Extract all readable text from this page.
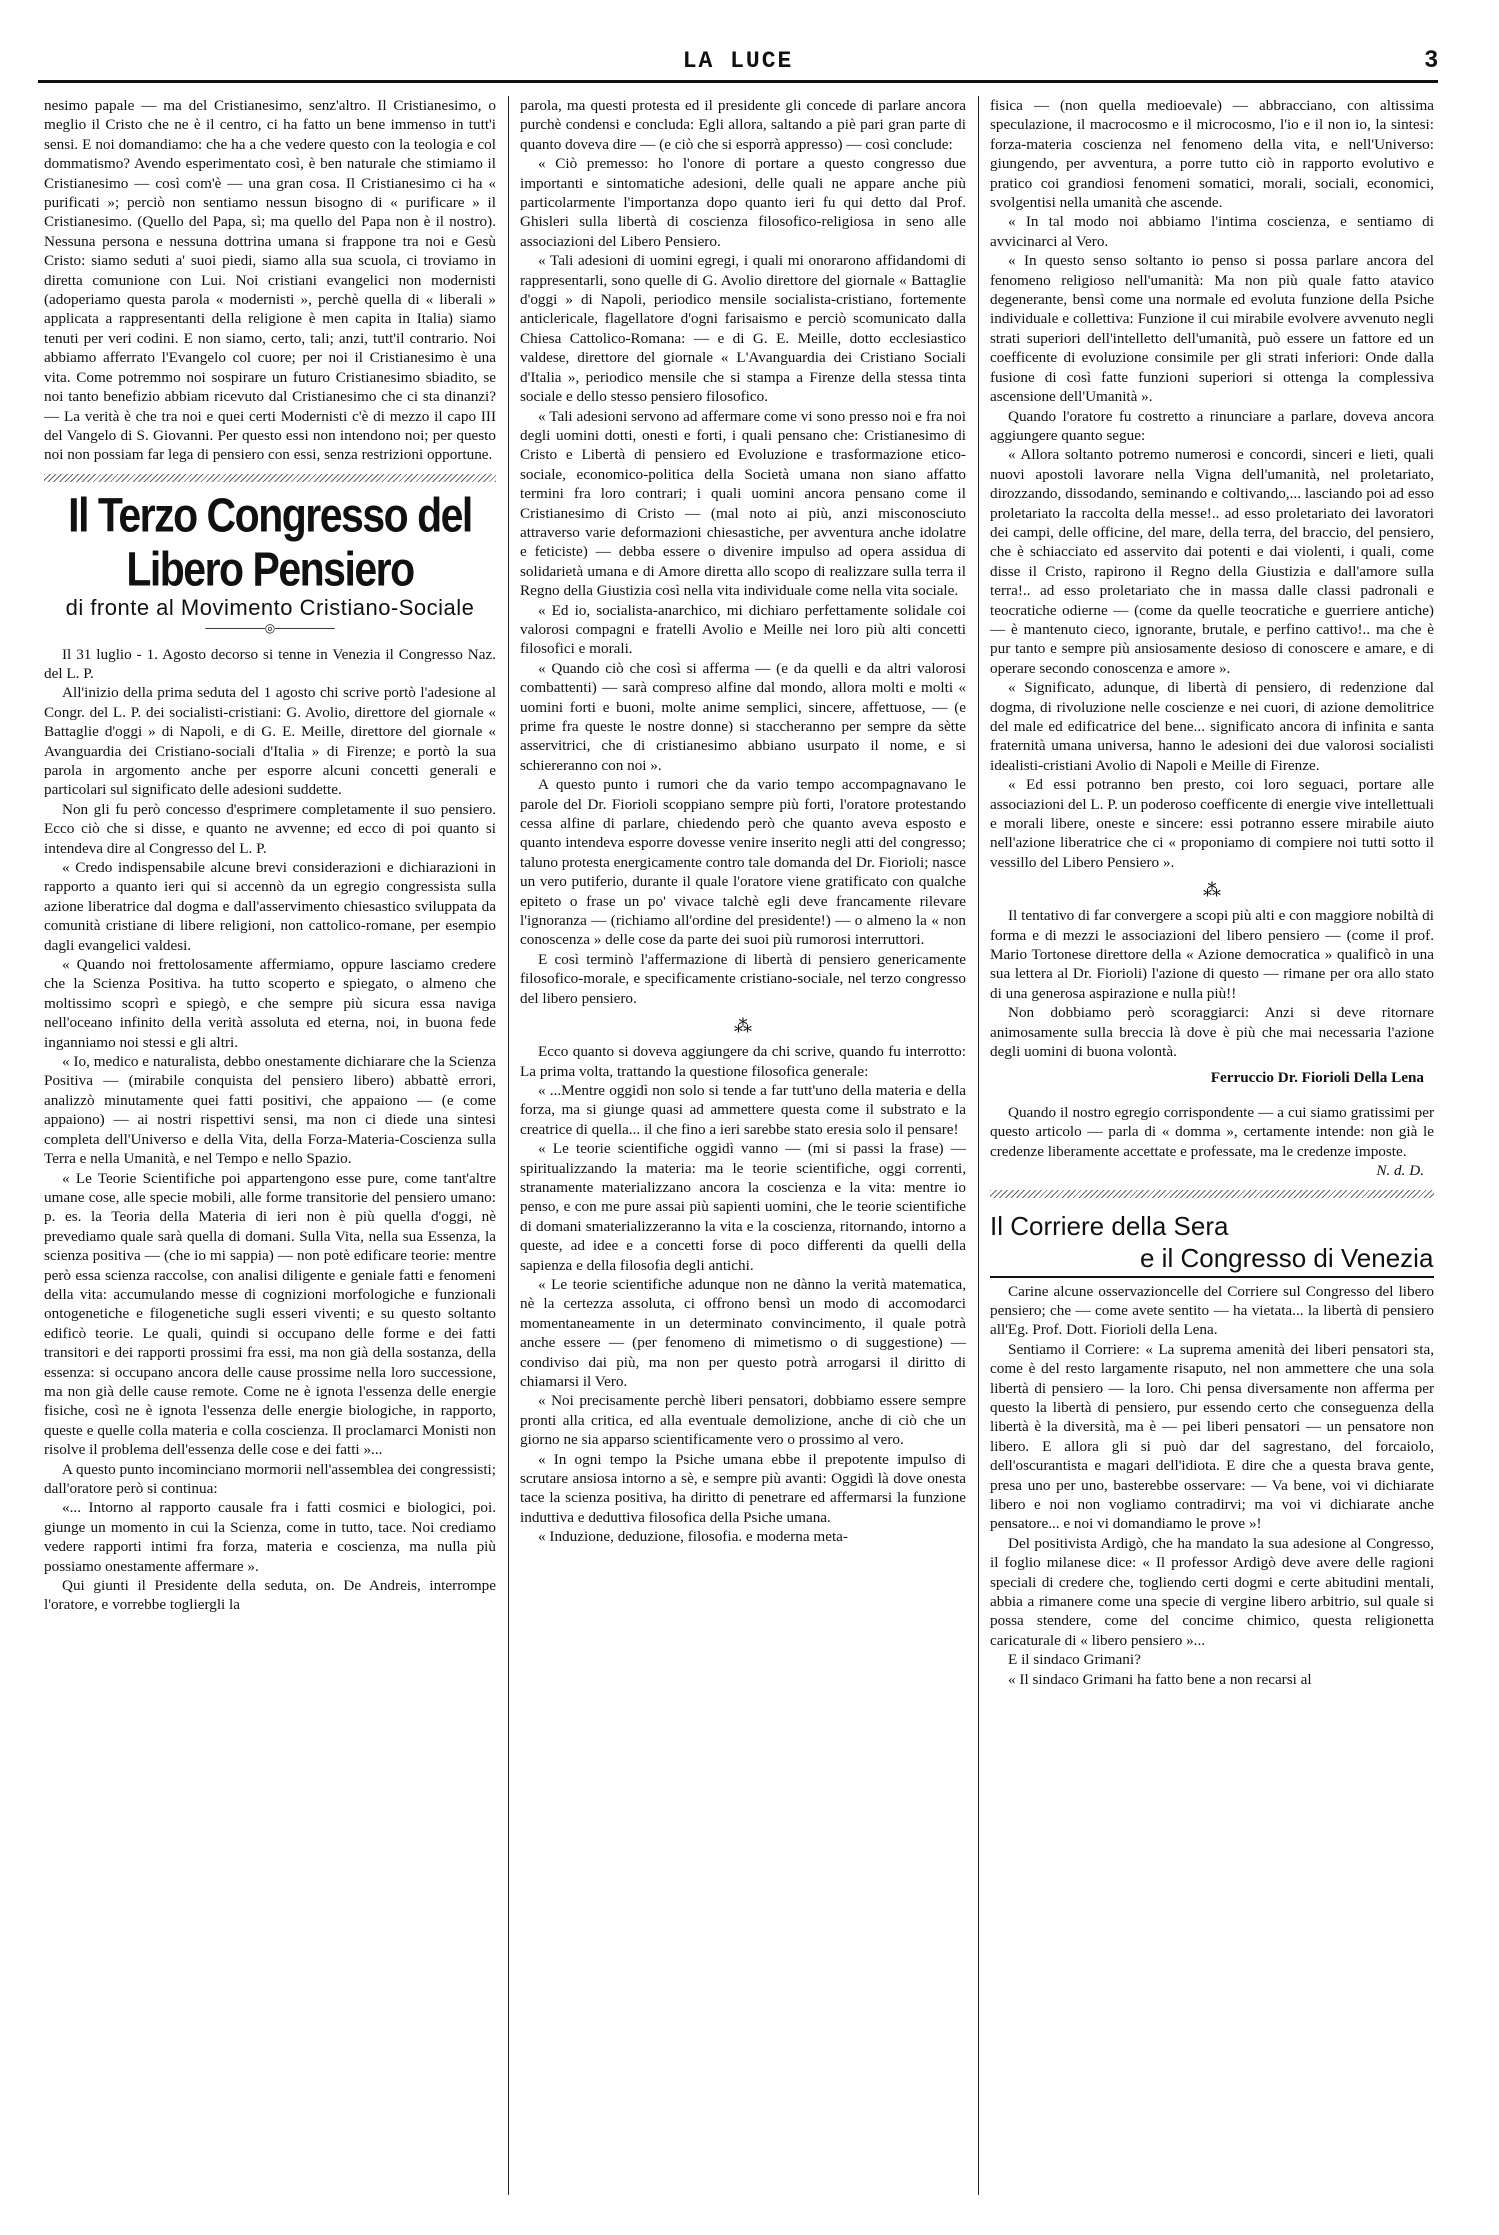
LA LUCE	3

nesimo papale — ma del Cristianesimo, senz'altro. Il Cristianesimo, o meglio il Cristo che ne è il centro, ci ha fatto un bene immenso in tutt'i sensi. E noi domandiamo: che ha a che vedere questo con la teologia e col dommatismo? Avendo esperimentato così, è ben naturale che stimiamo il Cristianesimo — così com'è — una gran cosa. Il Cristianesimo ci ha « purificati »; perciò non sentiamo nessun bisogno di « purificare » il Cristianesimo. (Quello del Papa, sì; ma quello del Papa non è il nostro). Nessuna persona e nessuna dottrina umana si frappone tra noi e Gesù Cristo: siamo seduti a' suoi piedi, siamo alla sua scuola, ci troviamo in diretta comunione con Lui. Noi cristiani evangelici non modernisti (adoperiamo questa parola « modernisti », perchè quella di « liberali » applicata a rappresentanti della religione è men capita in Italia) siamo tenuti per veri codini. E non siamo, certo, tali; anzi, tutt'il contrario. Noi abbiamo afferrato l'Evangelo col cuore; per noi il Cristianesimo è una vita. Come potremmo noi sospirare un futuro Cristianesimo sbiadito, se noi tanto benefizio abbiam ricevuto dal Cristianesimo che ci sta dinanzi? — La verità è che tra noi e quei certi Modernisti c'è di mezzo il capo III del Vangelo di S. Giovanni. Per questo essi non intendono noi; per questo noi non possiam far lega di pensiero con essi, senza restrizioni opportune.

Il Terzo Congresso del Libero Pensiero
di fronte al Movimento Cristiano-Sociale
───────◎───────

Il 31 luglio - 1. Agosto decorso si tenne in Venezia il Congresso Naz. del L. P.

All'inizio della prima seduta del 1 agosto chi scrive portò l'adesione al Congr. del L. P. dei socialisti-cristiani: G. Avolio, direttore del giornale « Battaglie d'oggi » di Napoli, e di G. E. Meille, direttore del giornale « Avanguardia dei Cristiano-sociali d'Italia » di Firenze; e portò la sua parola in argomento anche per esporre alcuni concetti generali e particolari sul significato delle adesioni suddette.

Non gli fu però concesso d'esprimere completamente il suo pensiero. Ecco ciò che si disse, e quanto ne avvenne; ed ecco di poi quanto si intendeva dire al Congresso del L. P.

« Credo indispensabile alcune brevi considerazioni e dichiarazioni in rapporto a quanto ieri qui si accennò da un egregio congressista sulla azione liberatrice dal dogma e dall'asservimento chiesastico sviluppata da comunità cristiane di libere religioni, non cattolico-romane, per esempio dagli evangelici valdesi.

« Quando noi frettolosamente affermiamo, oppure lasciamo credere che la Scienza Positiva. ha tutto scoperto e spiegato, o almeno che moltissimo scoprì e spiegò, e che sempre più sicura essa naviga nell'oceano infinito della verità assoluta ed eterna, noi, in buona fede inganniamo noi stessi e gli altri.

« Io, medico e naturalista, debbo onestamente dichiarare che la Scienza Positiva — (mirabile conquista del pensiero libero) abbattè errori, analizzò minutamente quei fatti positivi, che appaiono — (e come appaiono) — ai nostri rispettivi sensi, ma non ci diede una sintesi completa dell'Universo e della Vita, della Forza-Materia-Coscienza sulla Terra e nella Umanità, e nel Tempo e nello Spazio.

« Le Teorie Scientifiche poi appartengono esse pure, come tant'altre umane cose, alle specie mobili, alle forme transitorie del pensiero umano: p. es. la Teoria della Materia di ieri non è più quella d'oggi, nè prevediamo quale sarà quella di domani. Sulla Vita, nella sua Essenza, la scienza positiva — (che io mi sappia) — non potè edificare teorie: mentre però essa scienza raccolse, con analisi diligente e geniale fatti e fenomeni della vita: accumulando messe di cognizioni morfologiche e funzionali ontogenetiche e filogenetiche sugli esseri viventi; e su questo soltanto edificò teorie. Le quali, quindi si occupano delle forme e dei fatti transitori e dei rapporti prossimi fra essi, ma non già della sostanza, della essenza: si occupano ancora delle cause prossime nella loro successione, ma non già delle cause remote. Come ne è ignota l'essenza delle energie fisiche, così ne è ignota l'essenza delle energie biologiche, in rapporto, queste e quelle colla materia e colla coscienza. Il proclamarci Monisti non risolve il problema dell'essenza delle cose e dei fatti »...

A questo punto incominciano mormorii nell'assemblea dei congressisti; dall'oratore però si continua:

«... Intorno al rapporto causale fra i fatti cosmici e biologici, poi. giunge un momento in cui la Scienza, come in tutto, tace. Noi crediamo vedere rapporti intimi fra forza, materia e coscienza, ma nulla più possiamo onestamente affermare ».

Qui giunti il Presidente della seduta, on. De Andreis, interrompe l'oratore, e vorrebbe togliergli la

parola, ma questi protesta ed il presidente gli concede di parlare ancora purchè condensi e concluda: Egli allora, saltando a piè pari gran parte di quanto doveva dire — (e ciò che si esporrà appresso) — così conclude:

« Ciò premesso: ho l'onore di portare a questo congresso due importanti e sintomatiche adesioni, delle quali ne appare anche più particolarmente l'importanza dopo quanto ieri fu qui detto dal Prof. Ghisleri sulla libertà di coscienza filosofico-religiosa in seno alle associazioni del Libero Pensiero.

« Tali adesioni di uomini egregi, i quali mi onorarono affidandomi di rappresentarli, sono quelle di G. Avolio direttore del giornale « Battaglie d'oggi » di Napoli, periodico mensile socialista-cristiano, fortemente anticlericale, flagellatore d'ogni farisaismo e perciò scomunicato dalla Chiesa Cattolico-Romana: — e di G. E. Meille, dotto ecclesiastico valdese, direttore del giornale « L'Avanguardia dei Cristiano Sociali d'Italia », periodico mensile che si stampa a Firenze della stessa tinta sociale e dello stesso pensiero filosofico.

« Tali adesioni servono ad affermare come vi sono presso noi e fra noi degli uomini dotti, onesti e forti, i quali pensano che: Cristianesimo di Cristo e Libertà di pensiero ed Evoluzione e trasformazione etico-sociale, economico-politica della Società umana non siano affatto termini fra loro contrari; i quali uomini ancora pensano come il Cristianesimo di Cristo — (mal noto ai più, anzi misconosciuto attraverso varie deformazioni chiesastiche, per avventura anche idolatre e feticiste) — debba essere o divenire impulso ad opera assidua di solidarietà umana e di Amore diretta allo scopo di realizzare sulla terra il Regno della Giustizia così nella vita individuale come nella vita sociale.

« Ed io, socialista-anarchico, mi dichiaro perfettamente solidale coi valorosi compagni e fratelli Avolio e Meille nei loro più alti concetti filosofici e morali.

« Quando ciò che così si afferma — (e da quelli e da altri valorosi combattenti) — sarà compreso alfine dal mondo, allora molti e molti « uomini forti e buoni, molte anime semplici, sincere, affettuose, — (e prime fra queste le nostre donne) si staccheranno per sempre da sètte asservitrici, che di cristianesimo abbiano usurpato il nome, e si schiereranno con noi ».

A questo punto i rumori che da vario tempo accompagnavano le parole del Dr. Fiorioli scoppiano sempre più forti, l'oratore protestando cessa alfine di parlare, chiedendo però che quanto aveva esposto e quanto intendeva esporre dovesse venire inserito negli atti del congresso; taluno protesta energicamente contro tale domanda del Dr. Fiorioli; nasce un vero putiferio, durante il quale l'oratore viene gratificato con qualche epiteto o frase un po' vivace talchè egli deve francamente rilevare l'ignoranza — (richiamo all'ordine del presidente!) — o almeno la « non conoscenza » delle cose da parte dei suoi più rumorosi interruttori.

E così terminò l'affermazione di libertà di pensiero genericamente filosofico-morale, e specificamente cristiano-sociale, nel terzo congresso del libero pensiero.

⁂

Ecco quanto si doveva aggiungere da chi scrive, quando fu interrotto: La prima volta, trattando la questione filosofica generale:

« ...Mentre oggidì non solo si tende a far tutt'uno della materia e della forza, ma si giunge quasi ad ammettere questa come il substrato e la creatrice di quella... il che fino a ieri sarebbe stato eresia solo il pensare!

« Le teorie scientifiche oggidì vanno — (mi si passi la frase) — spiritualizzando la materia: ma le teorie scientifiche, oggi correnti, stranamente materializzano ancora la coscienza e la vita: mentre io penso, e con me pure assai più sapienti uomini, che le teorie scientifiche di domani smaterializzeranno la vita e la coscienza, ritornando, intorno a queste, ad idee e a concetti forse di poco differenti da quelli della sapienza e della filosofia degli antichi.

« Le teorie scientifiche adunque non ne dànno la verità matematica, nè la certezza assoluta, ci offrono bensì un modo di accomodarci momentaneamente in un determinato convincimento, il quale potrà anche essere — (per fenomeno di mimetismo o di suggestione) — condiviso dai più, ma non per questo potrà arrogarsi il diritto di chiamarsi il Vero.

« Noi precisamente perchè liberi pensatori, dobbiamo essere sempre pronti alla critica, ed alla eventuale demolizione, anche di ciò che un giorno ne sia apparso scientificamente vero o prossimo al vero.

« In ogni tempo la Psiche umana ebbe il prepotente impulso di scrutare ansiosa intorno a sè, e sempre più avanti: Oggidì là dove onesta tace la scienza positiva, ha diritto di penetrare ed affermarsi la funzione induttiva e deduttiva filosofica della Psiche umana.

« Induzione, deduzione, filosofia. e moderna meta-

fisica — (non quella medioevale) — abbracciano, con altissima speculazione, il macrocosmo e il microcosmo, l'io e il non io, la sintesi: forza-materia coscienza nel fenomeno della vita, e nell'Universo: giungendo, per avventura, a porre tutto ciò in rapporto evolutivo e pratico coi grandiosi fenomeni somatici, morali, sociali, economici, svolgentisi nella umanità che ascende.

« In tal modo noi abbiamo l'intima coscienza, e sentiamo di avvicinarci al Vero.

« In questo senso soltanto io penso si possa parlare ancora del fenomeno religioso nell'umanità: Ma non più quale fatto atavico degenerante, bensì come una normale ed evoluta funzione della Psiche individuale e collettiva: Funzione il cui mirabile evolvere avvenuto negli strati superiori dell'intelletto dell'umanità, può essere un fattore ed un coefficente di evoluzione consimile per gli strati inferiori: Onde dalla fusione di così fatte funzioni superiori si ottenga la complessiva ascensione dell'Umanità ».

Quando l'oratore fu costretto a rinunciare a parlare, doveva ancora aggiungere quanto segue:

« Allora soltanto potremo numerosi e concordi, sinceri e lieti, quali nuovi apostoli lavorare nella Vigna dell'umanità, nel proletariato, dirozzando, dissodando, seminando e coltivando,... lasciando poi ad esso proletariato la raccolta della messe!.. ad esso proletariato dei lavoratori dei campi, delle officine, del mare, della terra, del braccio, del pensiero, che è schiacciato ed asservito dai potenti e dai violenti, i quali, come disse il Cristo, rapirono il Regno della Giustizia e dall'amore sulla terra!.. ad esso proletariato che in massa dalle classi padronali e teocratiche odierne — (come da quelle teocratiche e guerriere antiche) — è mantenuto cieco, ignorante, brutale, e perfino cattivo!.. ma che è pur tanto e sempre più ansiosamente desioso di conoscere e amare, e di operare secondo conoscenza e amore ».

« Significato, adunque, di libertà di pensiero, di redenzione dal dogma, di rivoluzione nelle coscienze e nei cuori, di azione demolitrice del male ed edificatrice del bene... significato ancora di infinita e santa fraternità umana universa, hanno le adesioni dei due valorosi socialisti idealisti-cristiani Avolio di Napoli e Meille di Firenze.

« Ed essi potranno ben presto, coi loro seguaci, portare alle associazioni del L. P. un poderoso coefficente di energie vive intellettuali e morali libere, oneste e sincere: essi potranno essere mirabile aiuto nell'azione liberatrice che ci « proponiamo di compiere noi tutti sotto il vessillo del Libero Pensiero ».

⁂

Il tentativo di far convergere a scopi più alti e con maggiore nobiltà di forma e di mezzi le associazioni del libero pensiero — (come il prof. Mario Tortonese direttore della « Azione democratica » qualificò in una sua lettera al Dr. Fiorioli) l'azione di questo — rimane per ora allo stato di una generosa aspirazione e nulla più!!

Non dobbiamo però scoraggiarci: Anzi si deve ritornare animosamente sulla breccia là dove è più che mai necessaria l'azione degli uomini di buona volontà.

Ferruccio Dr. Fiorioli Della Lena

Quando il nostro egregio corrispondente — a cui siamo gratissimi per questo articolo — parla di « domma », certamente intende: non già le credenze liberamente accettate e professate, ma le credenze imposte.

N. d. D.
Il Corriere della Sera
e il Congresso di Venezia

Carine alcune osservazioncelle del Corriere sul Congresso del libero pensiero; che — come avete sentito — ha vietata... la libertà di pensiero all'Eg. Prof. Dott. Fiorioli della Lena.

Sentiamo il Corriere: « La suprema amenità dei liberi pensatori sta, come è del resto largamente risaputo, nel non ammettere che una sola libertà di pensiero — la loro. Chi pensa diversamente non afferma per questo la libertà di pensiero, pur essendo certo che conseguenza della libertà è la diversità, ma è — pei liberi pensatori — un pensatore non libero. E allora gli si può dar del sagrestano, del forcaiolo, dell'oscurantista e magari dell'idiota. E dire che a questa brava gente, presa uno per uno, basterebbe osservare: — Va bene, voi vi dichiarate libero e noi non vogliamo contradirvi; ma voi vi dichiarate anche pensatore... e noi vi domandiamo le prove »!

Del positivista Ardigò, che ha mandato la sua adesione al Congresso, il foglio milanese dice: « Il professor Ardigò deve avere delle ragioni speciali di credere che, togliendo certi dogmi e certe abitudini mentali, abbia a rimanere come una specie di vergine libero arbitrio, sul quale si possa stendere, come del concime chimico, questa religionetta caricaturale di « libero pensiero »...

E il sindaco Grimani?

« Il sindaco Grimani ha fatto bene a non recarsi al
